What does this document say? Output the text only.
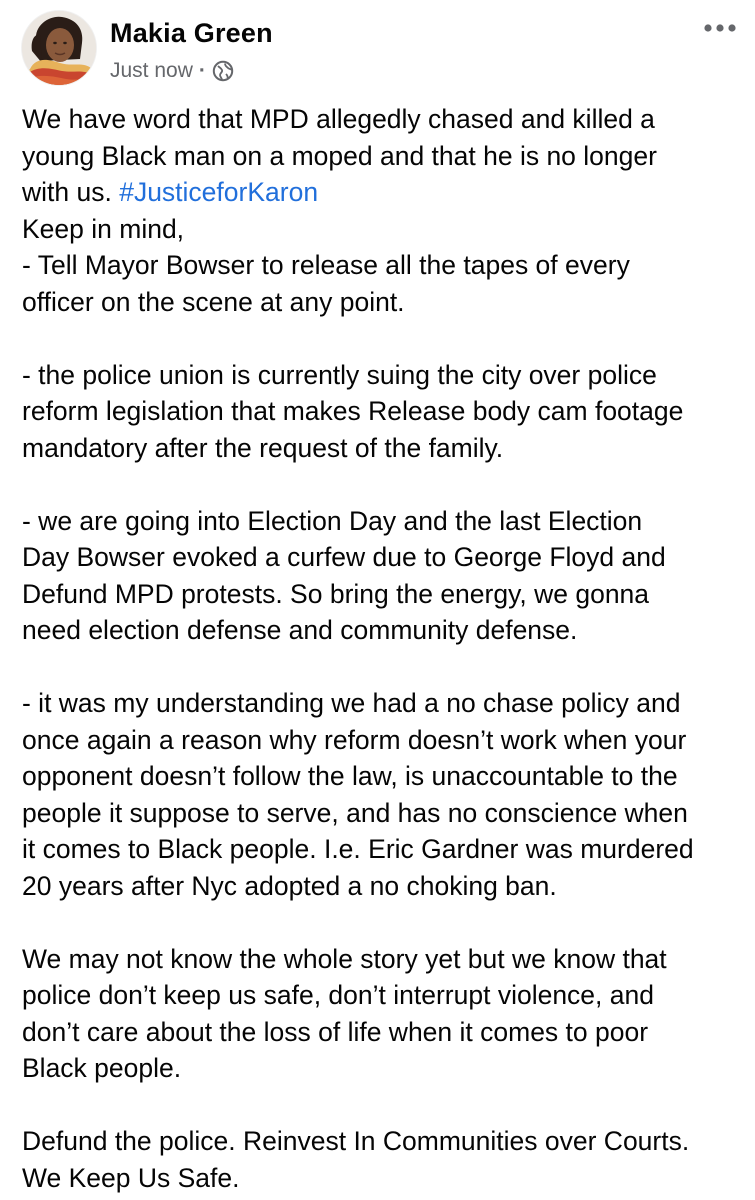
Makia Green
Just now ·
We have word that MPD allegedly chased and killed a
young Black man on a moped and that he is no longer
with us. #JusticeforKaron
Keep in mind,
- Tell Mayor Bowser to release all the tapes of every
officer on the scene at any point.
- the police union is currently suing the city over police
reform legislation that makes Release body cam footage
mandatory after the request of the family.
- we are going into Election Day and the last Election
Day Bowser evoked a curfew due to George Floyd and
Defund MPD protests. So bring the energy, we gonna
need election defense and community defense.
- it was my understanding we had a no chase policy and
once again a reason why reform doesn’t work when your
opponent doesn’t follow the law, is unaccountable to the
people it suppose to serve, and has no conscience when
it comes to Black people. I.e. Eric Gardner was murdered
20 years after Nyc adopted a no choking ban.
We may not know the whole story yet but we know that
police don’t keep us safe, don’t interrupt violence, and
don’t care about the loss of life when it comes to poor
Black people.
Defund the police. Reinvest In Communities over Courts.
We Keep Us Safe.
